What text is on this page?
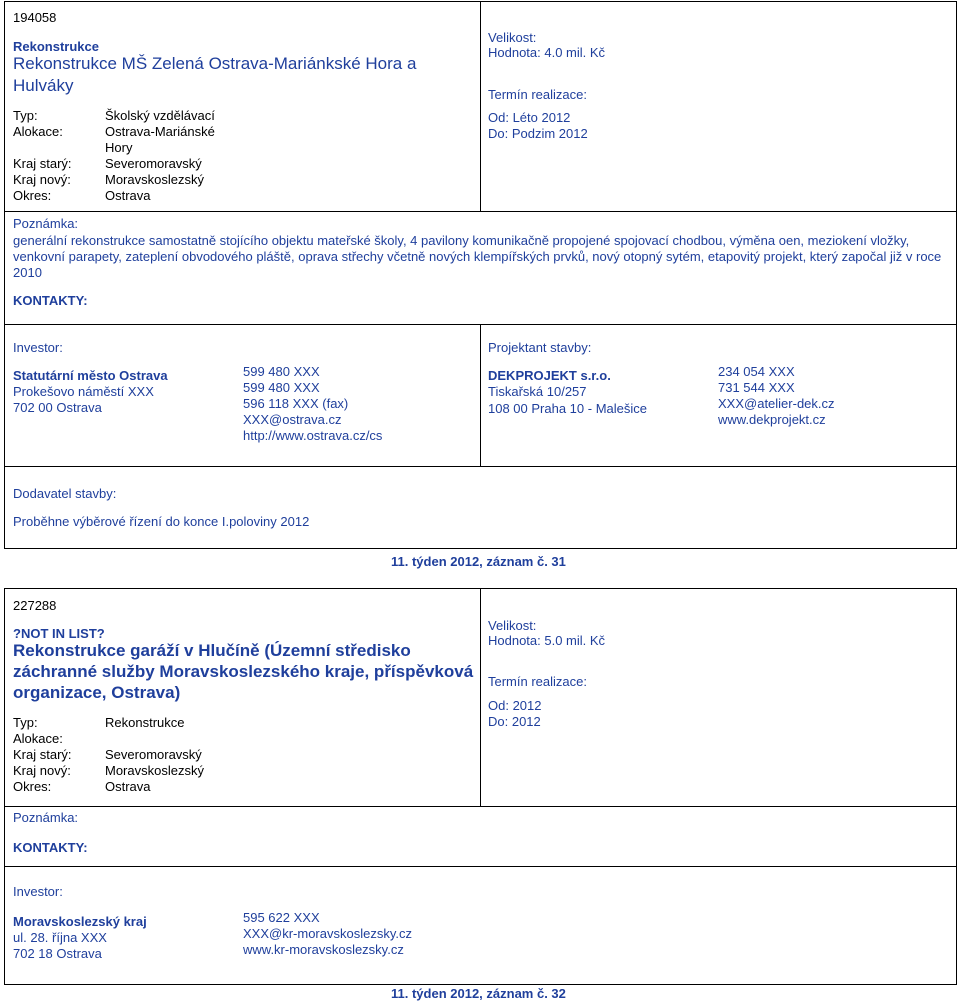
194058
Rekonstrukce
Rekonstrukce MŠ Zelená Ostrava-Mariánkské Hora a Hulváky
Typ:	Školský vzdělávací
Alokace:	Ostrava-Mariánské Hory
Kraj starý:	Severomoravský
Kraj nový:	Moravskoslezský
Okres:	Ostrava
Velikost:
Hodnota: 4.0 mil. Kč
Termín realizace:
Od: Léto 2012
Do: Podzim 2012
Poznámka:
generální rekonstrukce samostatně stojícího objektu mateřské školy, 4 pavilony komunikačně propojené spojovací chodbou, výměna oen, meziokení vložky, venkovní parapety, zateplení obvodového pláště, oprava střechy včetně nových klempířských prvků, nový otopný sytém, etapovitý projekt, který započal již v roce 2010
KONTAKTY:
Investor:
Statutární město Ostrava
Prokešovo náměstí XXX
702 00 Ostrava
599 480 XXX
599 480 XXX
596 118 XXX (fax)
XXX@ostrava.cz
http://www.ostrava.cz/cs
Projektant stavby:
DEKPROJEKT s.r.o.
Tiskařská 10/257
108 00 Praha 10 - Malešice
234 054 XXX
731 544 XXX
XXX@atelier-dek.cz
www.dekprojekt.cz
Dodavatel stavby:
Proběhne výběrové řízení do konce I.poloviny 2012
11. týden 2012, záznam č. 31
227288
?NOT IN LIST?
Rekonstrukce garáží v Hlučíně (Územní středisko záchranné služby Moravskoslezského kraje, příspěvková organizace, Ostrava)
Typ:	Rekonstrukce
Alokace:
Kraj starý:	Severomoravský
Kraj nový:	Moravskoslezský
Okres:	Ostrava
Velikost:
Hodnota: 5.0 mil. Kč
Termín realizace:
Od: 2012
Do: 2012
Poznámka:
KONTAKTY:
Investor:
Moravskoslezský kraj
ul. 28. října XXX
702 18 Ostrava
595 622 XXX
XXX@kr-moravskoslezsky.cz
www.kr-moravskoslezsky.cz
11. týden 2012, záznam č. 32
